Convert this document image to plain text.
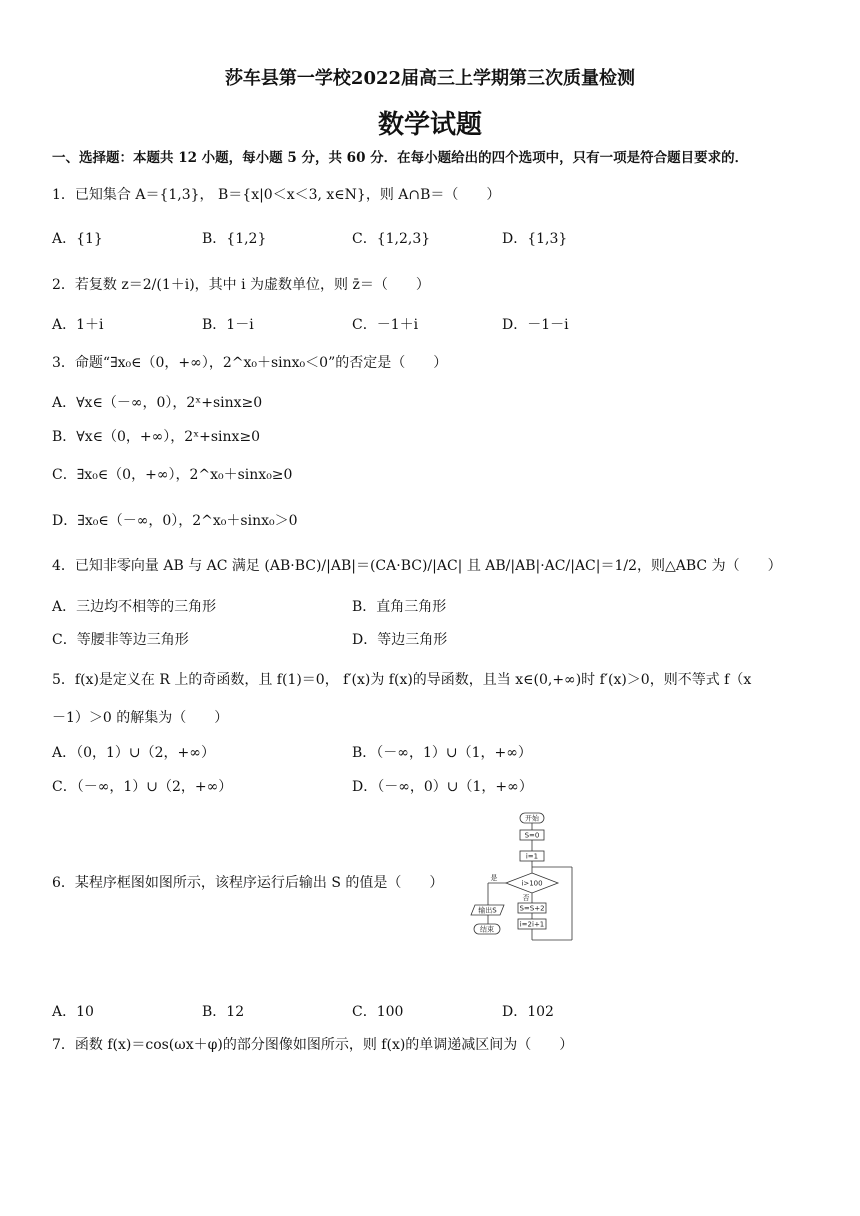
莎车县第一学校2022届高三上学期第三次质量检测
数学试题
一、选择题：本题共 12 小题，每小题 5 分，共 60 分．在每小题给出的四个选项中，只有一项是符合题目要求的．
1．已知集合 A＝{1,3}， B＝{x|0＜x＜3, x∈N}，则 A∩B＝（　　）
A．{1}	B．{1,2}	C．{1,2,3}	D．{1,3}
2．若复数 z＝2/(1＋i)，其中 i 为虚数单位，则 z̄＝（　　）
A．1＋i	B．1－i	C．－1＋i	D．－1－i
3．命题“∃x₀∈（0，+∞），2^x₀＋sinx₀＜0”的否定是（　　）
A．∀x∈（－∞，0），2ˣ+sinx≥0
B．∀x∈（0，+∞），2ˣ+sinx≥0
C．∃x₀∈（0，+∞），2^x₀＋sinx₀≥0
D．∃x₀∈（－∞，0），2^x₀＋sinx₀＞0
4．已知非零向量 AB 与 AC 满足 (AB·BC)/|AB|＝(CA·BC)/|AC| 且 AB/|AB|·AC/|AC|＝1/2，则△ABC 为（　　）
A．三边均不相等的三角形	B．直角三角形
C．等腰非等边三角形	D．等边三角形
5．f(x)是定义在 R 上的奇函数，且 f(1)＝0， f′(x)为 f(x)的导函数，且当 x∈(0,+∞)时 f′(x)＞0，则不等式 f（x
－1）＞0 的解集为（　　）
A．（0，1）∪（2，+∞）	B．（－∞，1）∪（1，+∞）
C．（－∞，1）∪（2，+∞）	D．（－∞，0）∪（1，+∞）
6．某程序框图如图所示，该程序运行后输出 S 的值是（　　）
开始
S=0
i=1
i>100
是
否
输出S	S=S+2
i=2i+1
结束
A．10	B．12	C．100	D．102
7．函数 f(x)＝cos(ωx＋φ)的部分图像如图所示，则 f(x)的单调递减区间为（　　）
